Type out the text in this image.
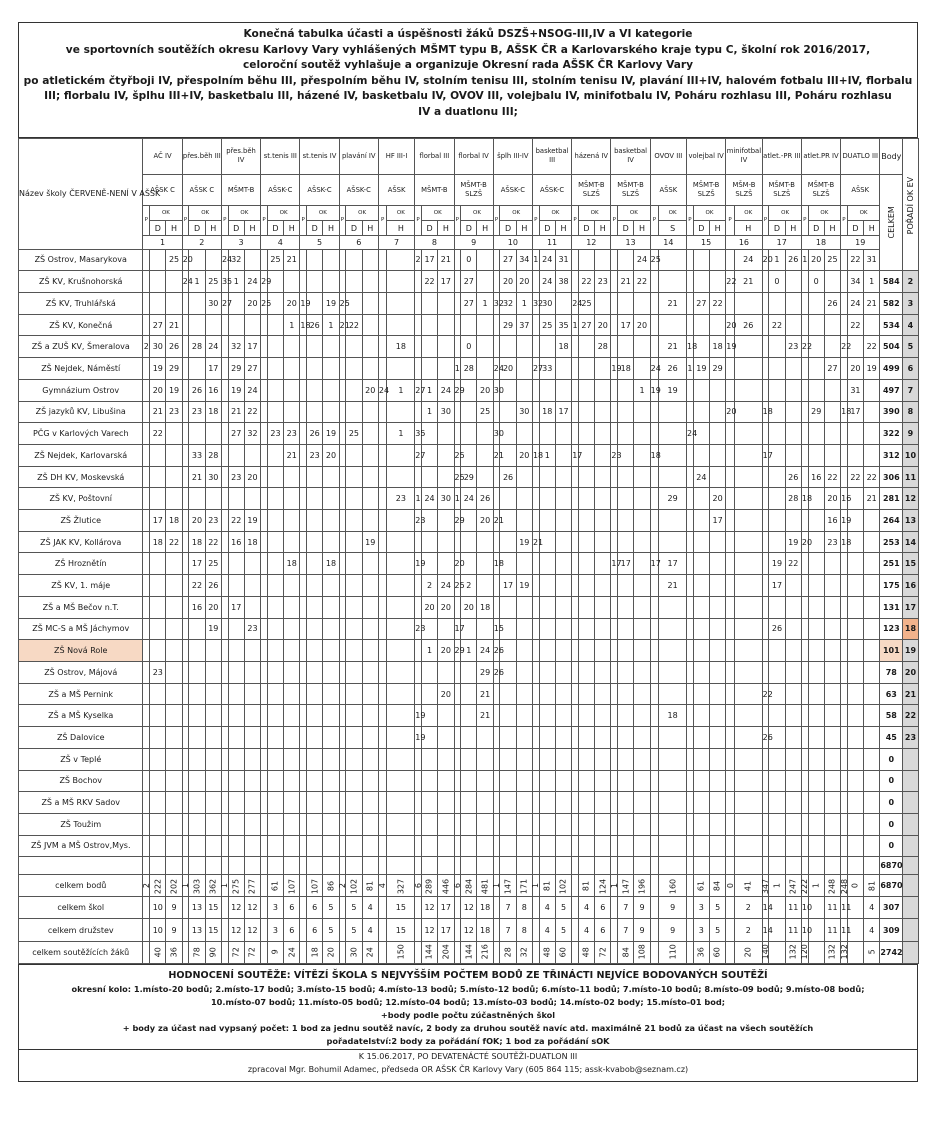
Konečná tabulka účasti a úspěšnosti žáků DSZŠ+NSOG-III,IV a VI kategorie
ve sportovních soutěžích okresu Karlovy Vary vyhlášených MŠMT typu B, AŠSK ČR a Karlovarského kraje typu C, školní rok 2016/2017,
celoroční soutěž vyhlašuje a organizuje Okresní rada AŠSK ČR Karlovy Vary
po atletickém čtyřboji IV, přespolním běhu III, přespolním běhu IV, stolním tenisu III, stolním tenisu IV, plavání III+IV, halovém fotbalu III+IV, florbalu
III; florbalu IV, šplhu III+IV, basketbalu III, házené IV, basketbalu IV, OVOV III, volejbalu IV, minifotbalu IV, Poháru rozhlasu III, Poháru rozhlasu
IV a duatlonu III;
Název školy ČERVENĚ-NENÍ V AŠSK	AČ IV			přes.běh III			přes.běh IV			st.tenis III			st.tenis IV			plavání IV			HF III-I		florbal III			florbal IV			šplh III-IV			basketbal III			házená IV			basketbal IV			OVOV III		volejbal IV			minifotbal IV		atlet.-PR III			atlet.PR IV			DUATLO III			Body	POŘADÍ OK EV	
	AŠSK C			AŠSK C			MŠMT-B			AŠSK-C			AŠSK-C			AŠSK-C			AŠSK		MŠMT-B			MŠMT-B SLZŠ			AŠSK-C			AŠSK-C			MŠMT-B SLZŠ			MŠMT-B SLZŠ			AŠSK		MŠMT-B SLZŠ			MŠM-B SLZŠ		MŠMT-B SLZŠ			MŠMT-B SLZŠ			AŠSK			CELKEM		
	P	OK		P	OK		P	OK		P	OK		P	OK		P	OK		P	OK	P	OK		P	OK		P	OK		P	OK		P	OK		P	OK		P	OK	P	OK		P	OK	P	OK		P	OK		P	OK				
		D	H		D	H		D	H		D	H		D	H		D	H		H		D	H		D	H		D	H		D	H		D	H		D	H		S		D	H		H		D	H		D	H		D	H			
	1			2			3			4			5			6			7		8			9			10			11			12			13			14		15			16		17			18			19					
ZŠ Ostrov, Masarykova			25	20			24	32			25	21									2	17	21		0			27	34	1	24	31						24	25						24	20	1	26	1	20	25		22	31		
ZŠ KV, Krušnohorská				24	1	25	35	1	24	29												22	17		27			20	20		24	38		22	23		21	22						22	21		0			0			34	1	584	2	
ZŠ KV, Truhlářská						30	27		20	25		20	19		19	25									27	1	32	32	1	32	30		24	25						21		27	22								26		24	21	582	3	
ZŠ KV, Konečná		27	21									1	18	26	1	21	22											29	37		25	35	1	27	20		17	20						20	26		22						22		534	4	
ZŠ a ZUŠ KV, Šmeralova	2	30	26		28	24		32	17											18					0							18			28					21	18		18	19				23	22			22		22	504	5	
ZŠ Nejdek, Náměstí		19	29			17		29	27															1	28		24	20		27	33					19	18		24	26	1	19	29								27		20	19	499	6	
Gymnázium Ostrov		20	19		26	16		19	24									20	24	1	27	1	24	29		20	30											1	19	19													31		497	7	
ZŠ jazyků KV, Libušina		21	23		23	18		21	22													1	30			25			30		18	17												20		18				29		18	17		390	8	
PČG v Karlových Varech		22						27	32		23	23		26	19		25			1	35						30														24														322	9	
ZŠ Nejdek, Karlovarská					33	28						21		23	20						27			25			21		20	18	1		17			23			18							17									312	10	
ZŠ DH KV, Moskevská					21	30		23	20															25	29			26														24						26		16	22		22	22	306	11	
ZŠ KV, Poštovní																				23	1	24	30	1	24	26														29			20					28	18		20	16		21	281	12	
ZŠ Žlutice		17	18		20	23		22	19												23			29		20	21																17								16	19			264	13	
ZŠ JAK KV, Kollárova		18	22		18	22		16	18									19											19	21																		19	20		23	18			253	14	
ZŠ Hroznětín					17	25						18			18						19			20			18									17	17		17	17							19	22							251	15	
ZŠ KV, 1. máje					22	26																2	24	25	2			17	19											21							17								175	16	
ZŠ a MŠ Bečov n.T.					16	20		17														20	20		20	18																													131	17	
ZŠ MC-S a MŠ Jáchymov						19			23												23			17			15																				26								123	18	
ZŠ Nová Role																						1	20	29	1	24	26																												101	19	
ZŠ Ostrov, Májová		23																								29	26																												78	20	
ZŠ a MŠ Pernink																							20			21																				22									63	21	
ZŠ a MŠ Kyselka																					19					21														18															58	22	
ZŠ Dalovice																					19																									26									45	23	
ZŠ v Teplé																																																							0		
ZŠ Bochov																																																							0		
ZŠ a MŠ RKV Sadov																																																							0		
ZŠ Toužim																																																							0		
ZŠ JVM a MŠ Ostrov,Mys.																																																							0		
																																																							6870		
celkem bodů	2	222	202	1	303	362	1	275	277		61	107		107	86	2	102	81	4	327	6	289	446	6	284	481	1	147	171	1	81	102		81	124	1	147	196		160		61	84	0	41	347	1	247	222	1	248	248	0	81	6870		
celkem škol		10	9		13	15		12	12		3	6		6	5		5	4		15		12	17		12	18		7	8		4	5		4	6		7	9		9		3	5		2	14		11	10		11	11		4	307		
celkem družstev		10	9		13	15		12	12		3	6		6	5		5	4		15		12	17		12	18		7	8		4	5		4	6		7	9		9		3	5		2	14		11	10		11	11		4	309		
celkem soutěžících žáků		40	36		78	90		72	72		9	24		18	20		30	24		150		144	204		144	216		28	32		48	60		48	72		84	108		110		36	60		20	140		132	120		132	132		5	2742		
HODNOCENÍ SOUTĚŽE: VÍTĚZÍ ŠKOLA S NEJVYŠŠÍM POČTEM BODŮ ZE TŘINÁCTI NEJVÍCE BODOVANÝCH SOUTĚŽÍ
okresní kolo: 1.místo-20 bodů; 2.místo-17 bodů; 3.místo-15 bodů; 4.místo-13 bodů; 5.místo-12 bodů; 6.místo-11 bodů; 7.místo-10 bodů; 8.místo-09 bodů; 9.místo-08 bodů;
10.místo-07 bodů; 11.místo-05 bodů; 12.místo-04 bodů; 13.místo-03 bodů; 14.místo-02 body; 15.místo-01 bod;
+body podle počtu zúčastněných škol
+ body za účast nad vypsaný počet: 1 bod za jednu soutěž navíc, 2 body za druhou soutěž navíc atd. maximálně 21 bodů za účast na všech soutěžích
pořadatelství:2 body za pořádání fOK; 1 bod za pořádání sOK
K 15.06.2017, PO DEVATENÁCTÉ SOUTĚŽI-DUATLON III
zpracoval Mgr. Bohumil Adamec, předseda OR AŠSK ČR Karlovy Vary (605 864 115; assk-kvabob@seznam.cz)
